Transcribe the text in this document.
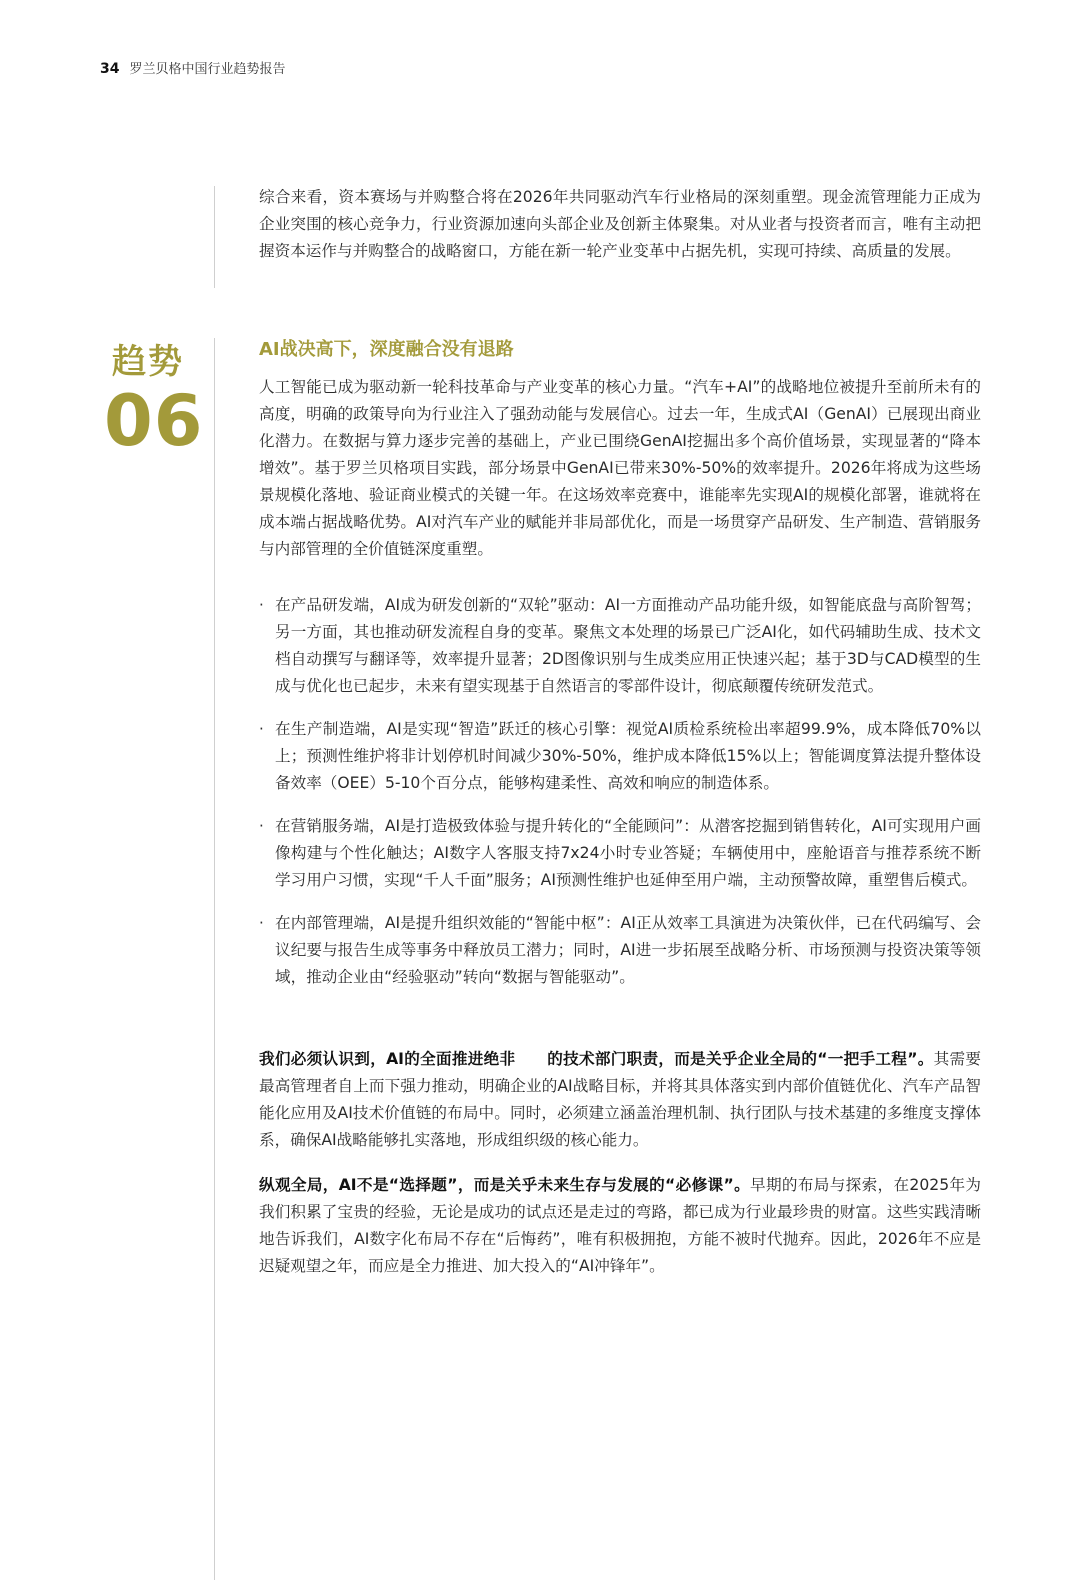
34 罗兰贝格中国行业趋势报告

综合来看，资本赛场与并购整合将在2026年共同驱动汽车行业格局的深刻重塑。现金流管理能力正成为企业突围的核心竞争力，行业资源加速向头部企业及创新主体聚集。对从业者与投资者而言，唯有主动把握资本运作与并购整合的战略窗口，方能在新一轮产业变革中占据先机，实现可持续、高质量的发展。

趋势
06
AI战决高下，深度融合没有退路

人工智能已成为驱动新一轮科技革命与产业变革的核心力量。“汽车+AI”的战略地位被提升至前所未有的高度，明确的政策导向为行业注入了强劲动能与发展信心。过去一年，生成式AI（GenAI）已展现出商业化潜力。在数据与算力逐步完善的基础上，产业已围绕GenAI挖掘出多个高价值场景，实现显著的“降本增效”。基于罗兰贝格项目实践，部分场景中GenAI已带来30%-50%的效率提升。2026年将成为这些场景规模化落地、验证商业模式的关键一年。在这场效率竞赛中，谁能率先实现AI的规模化部署，谁就将在成本端占据战略优势。AI对汽车产业的赋能并非局部优化，而是一场贯穿产品研发、生产制造、营销服务与内部管理的全价值链深度重塑。

· 在产品研发端，AI成为研发创新的“双轮”驱动：AI一方面推动产品功能升级，如智能底盘与高阶智驾；另一方面，其也推动研发流程自身的变革。聚焦文本处理的场景已广泛AI化，如代码辅助生成、技术文档自动撰写与翻译等，效率提升显著；2D图像识别与生成类应用正快速兴起；基于3D与CAD模型的生成与优化也已起步，未来有望实现基于自然语言的零部件设计，彻底颠覆传统研发范式。
· 在生产制造端，AI是实现“智造”跃迁的核心引擎：视觉AI质检系统检出率超99.9%，成本降低70%以上；预测性维护将非计划停机时间减少30%-50%，维护成本降低15%以上；智能调度算法提升整体设备效率（OEE）5-10个百分点，能够构建柔性、高效和响应的制造体系。
· 在营销服务端，AI是打造极致体验与提升转化的“全能顾问”：从潜客挖掘到销售转化，AI可实现用户画像构建与个性化触达；AI数字人客服支持7x24小时专业答疑；车辆使用中，座舱语音与推荐系统不断学习用户习惯，实现“千人千面”服务；AI预测性维护也延伸至用户端，主动预警故障，重塑售后模式。
· 在内部管理端，AI是提升组织效能的“智能中枢”：AI正从效率工具演进为决策伙伴，已在代码编写、会议纪要与报告生成等事务中释放员工潜力；同时，AI进一步拓展至战略分析、市场预测与投资决策等领域，推动企业由“经验驱动”转向“数据与智能驱动”。

我们必须认识到，AI的全面推进绝非　　的技术部门职责，而是关乎企业全局的“一把手工程”。其需要最高管理者自上而下强力推动，明确企业的AI战略目标，并将其具体落实到内部价值链优化、汽车产品智能化应用及AI技术价值链的布局中。同时，必须建立涵盖治理机制、执行团队与技术基建的多维度支撑体系，确保AI战略能够扎实落地，形成组织级的核心能力。

纵观全局，AI不是“选择题”，而是关乎未来生存与发展的“必修课”。早期的布局与探索，在2025年为我们积累了宝贵的经验，无论是成功的试点还是走过的弯路，都已成为行业最珍贵的财富。这些实践清晰地告诉我们，AI数字化布局不存在“后悔药”，唯有积极拥抱，方能不被时代抛弃。因此，2026年不应是迟疑观望之年，而应是全力推进、加大投入的“AI冲锋年”。
